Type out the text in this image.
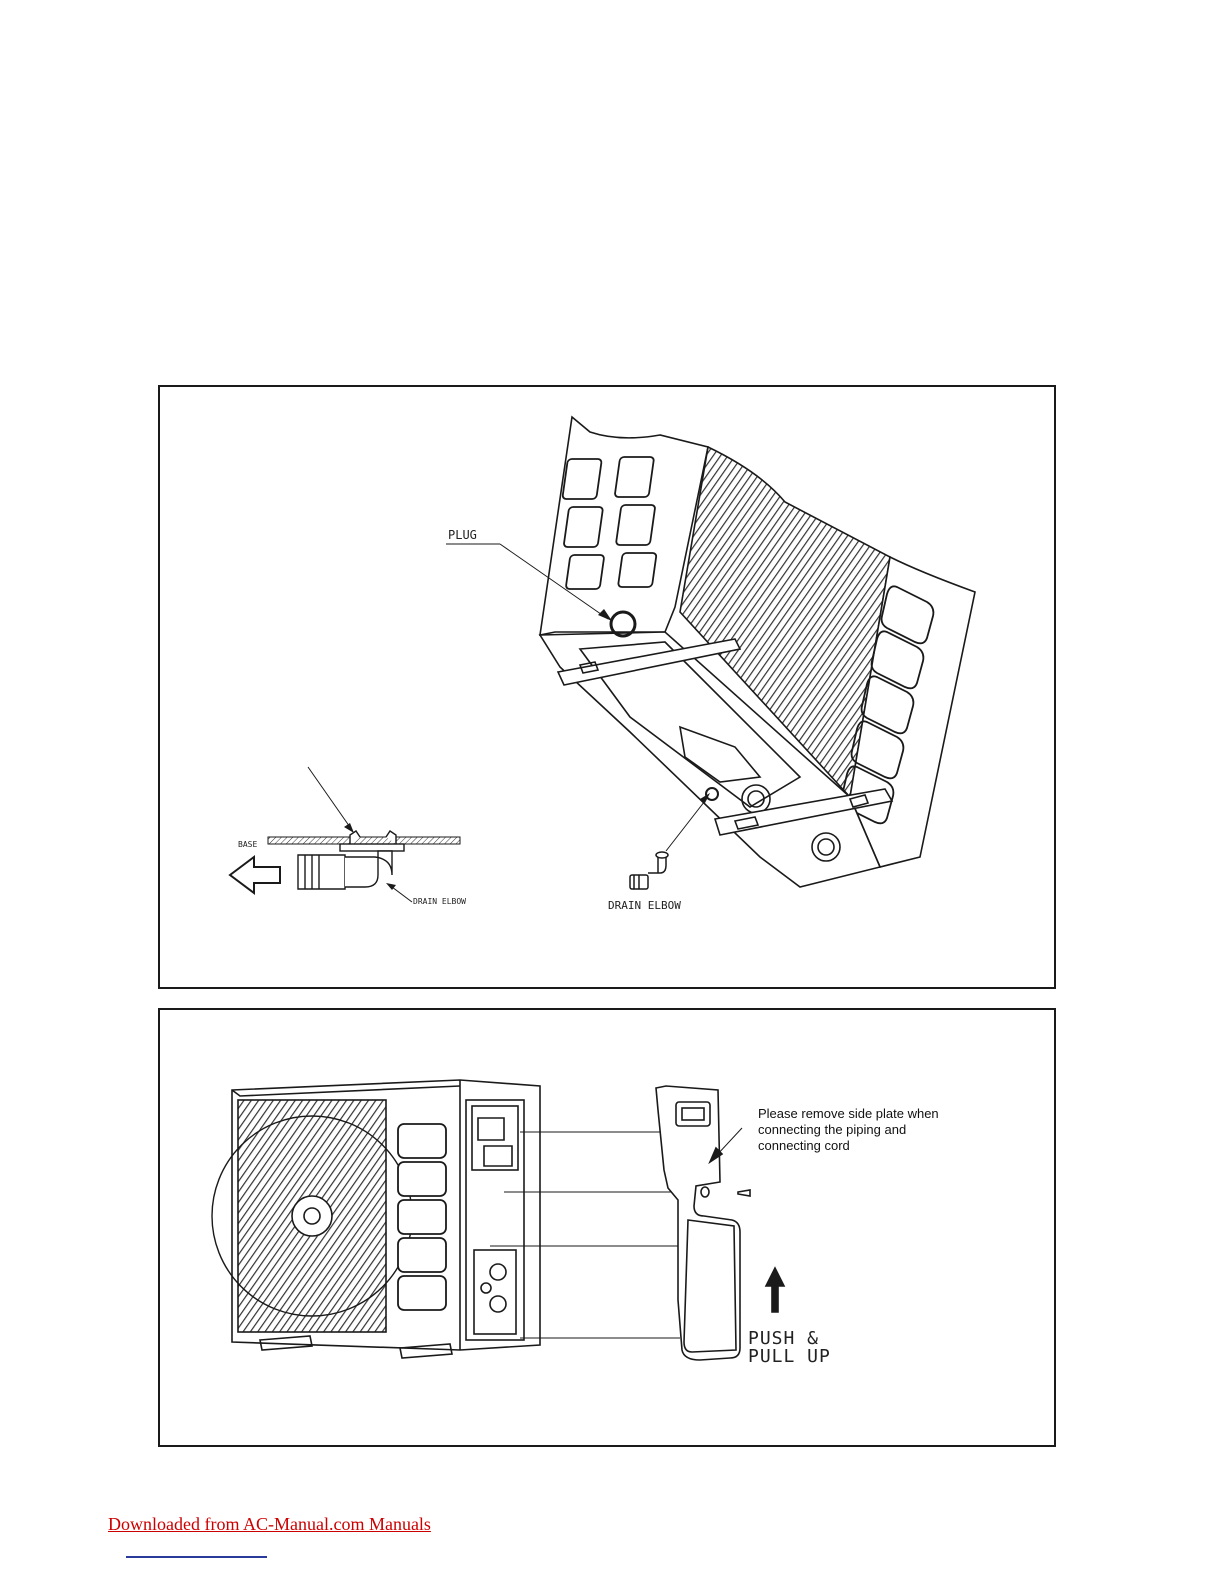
PLUG
DRAIN ELBOW
BASE
DRAIN ELBOW
Please remove side plate when
connecting the piping and
connecting cord
PUSH &
PULL UP
Downloaded from AC-Manual.com Manuals
